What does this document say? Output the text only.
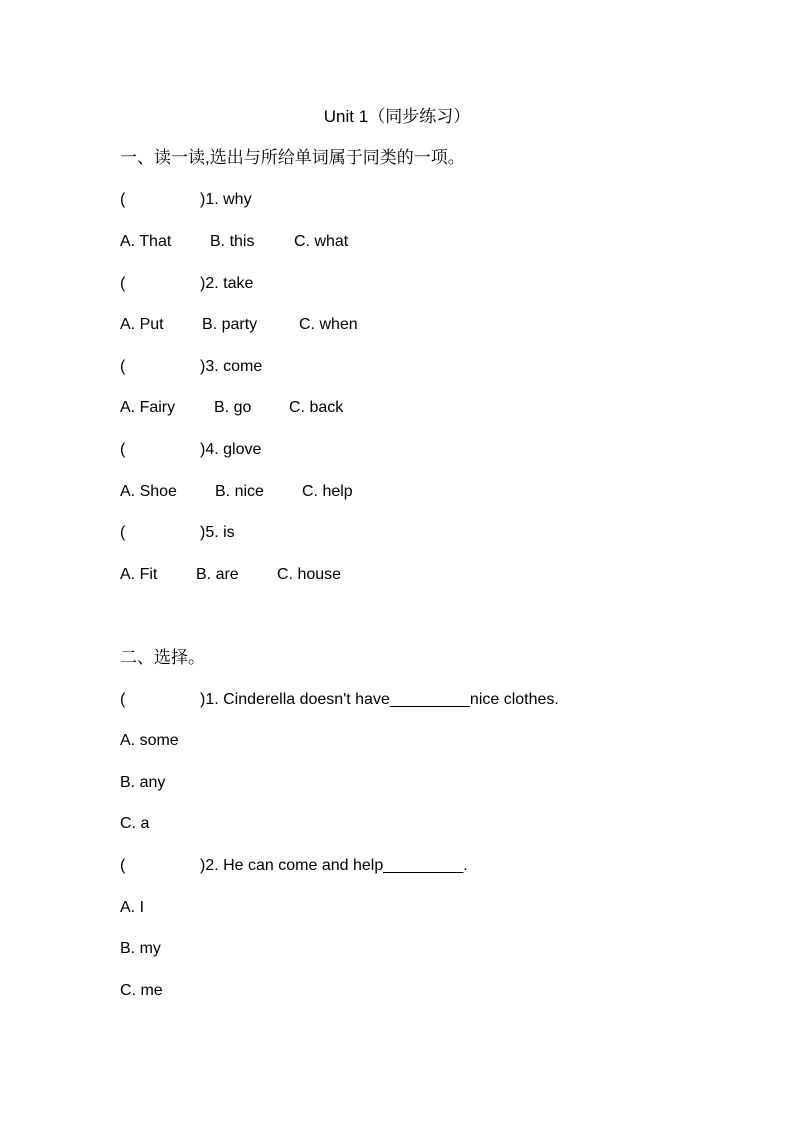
Unit 1（同步练习）
一、读一读,选出与所给单词属于同类的一项。
(	)1. why
A. That B. this C. what
(	)2. take
A. Put B. party	C. when
(	)3. come
A. Fairy B. go C. back
(	)4. glove
A. Shoe B. nice C. help
(	)5. is
A. Fit B. are C. house
二、选择。
(	)1. Cinderella doesn't have_________nice clothes.
A. some
B. any
C. a
(	)2. He can come and help_________.
A. I
B. my
C. me
